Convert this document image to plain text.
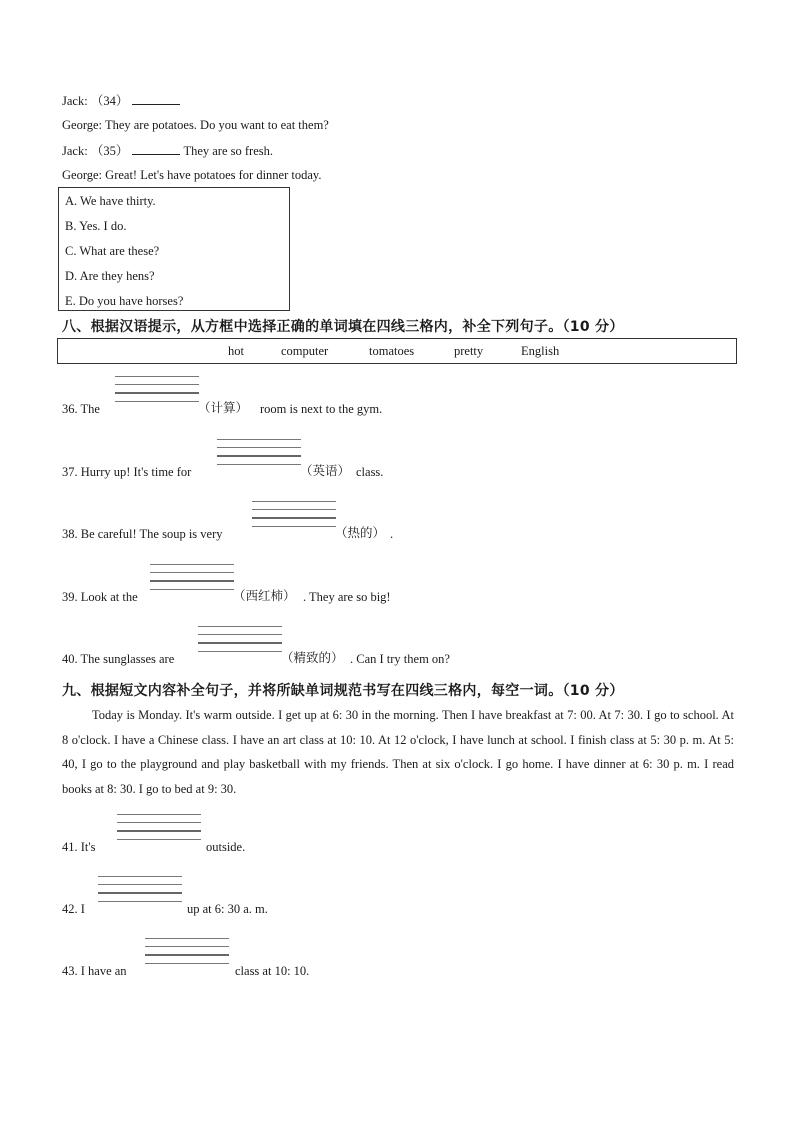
Jack: （34）
George: They are potatoes. Do you want to eat them?
Jack: （35）	They are so fresh.
George: Great! Let's have potatoes for dinner today.
A. We have thirty.
B. Yes. I do.
C. What are these?
D. Are they hens?
E. Do you have horses?
八、根据汉语提示，从方框中选择正确的单词填在四线三格内，补全下列句子。（10 分）
hot	computer	tomatoes	pretty	English
36. The	（计算） room is next to the gym.
37. Hurry up! It's time for	（英语） class.
38. Be careful! The soup is very	（热的） .
39. Look at the	（西红柿） . They are so big!
40. The sunglasses are	（精致的） . Can I try them on?
九、根据短文内容补全句子，并将所缺单词规范书写在四线三格内，每空一词。（10 分）
Today is Monday. It's warm outside. I get up at 6: 30 in the morning. Then I have breakfast at 7: 00. At 7: 30. I go to school. At 8 o'clock. I have a Chinese class. I have an art class at 10: 10. At 12 o'clock, I have lunch at school. I finish class at 5: 30 p. m. At 5: 40, I go to the playground and play basketball with my friends. Then at six o'clock. I go home. I have dinner at 6: 30 p. m. I read books at 8: 30. I go to bed at 9: 30.
41. It's	outside.
42. I	up at 6: 30 a. m.
43. I have an	class at 10: 10.
